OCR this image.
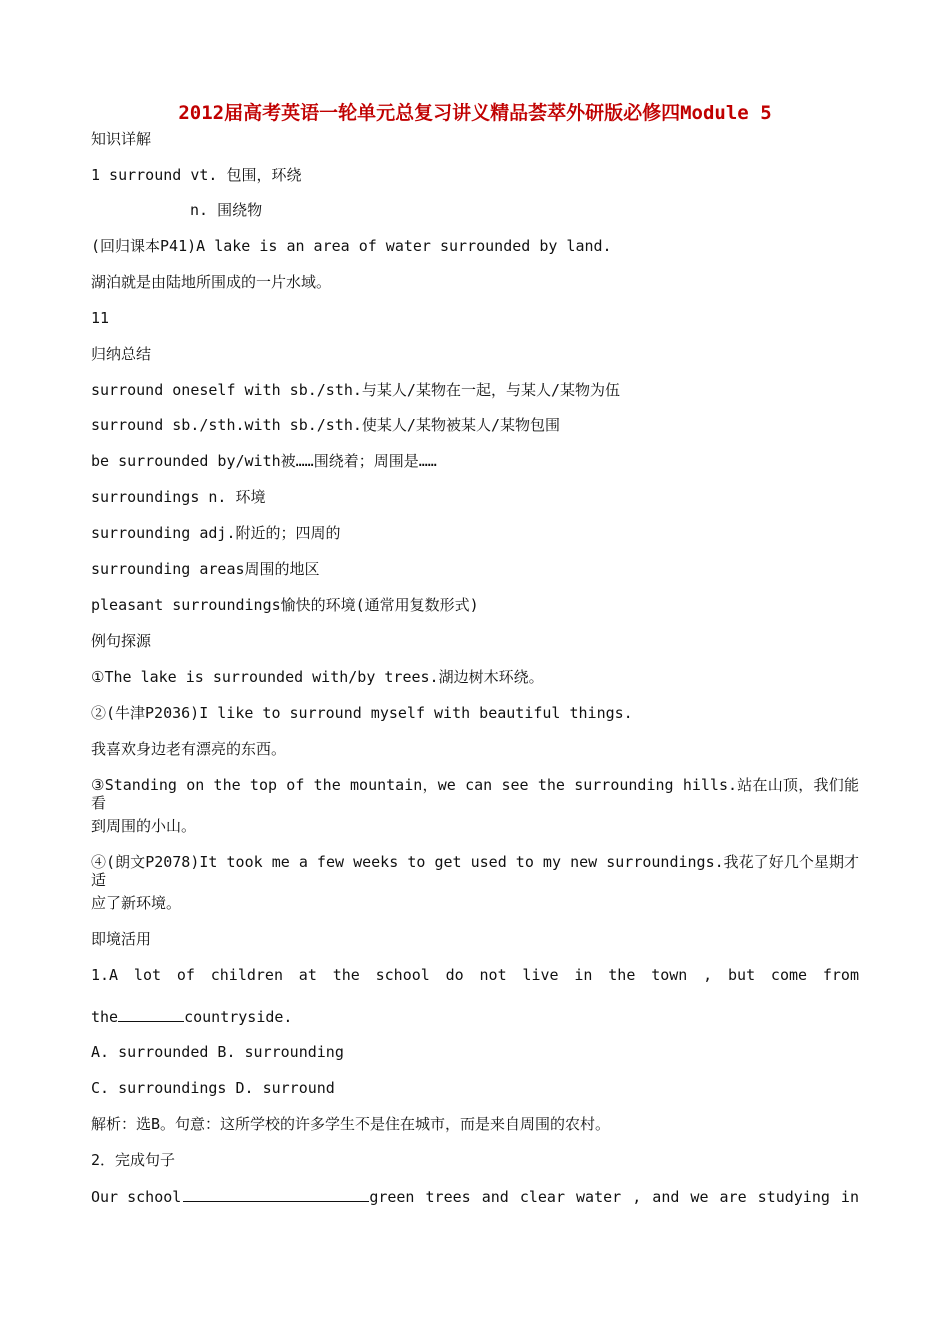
2012届高考英语一轮单元总复习讲义精品荟萃外研版必修四Module 5
知识详解
1 surround vt. 包围，环绕
n. 围绕物
(回归课本P41)A lake is an area of water surrounded by land.
湖泊就是由陆地所围成的一片水域。
11
归纳总结
surround oneself with sb./sth.与某人/某物在一起，与某人/某物为伍
surround sb./sth.with sb./sth.使某人/某物被某人/某物包围
be surrounded by/with被……围绕着；周围是……
surroundings n. 环境
surrounding adj.附近的；四周的
surrounding areas周围的地区
pleasant surroundings愉快的环境(通常用复数形式)
例句探源
①The lake is surrounded with/by trees.湖边树木环绕。
②(牛津P2036)I like to surround myself with beautiful things.
我喜欢身边老有漂亮的东西。
③Standing on the top of the mountain，we can see the surrounding hills.站在山顶，我们能看
到周围的小山。
④(朗文P2078)It took me a few weeks to get used to my new surroundings.我花了好几个星期才适
应了新环境。
即境活用
1.A lot of children at the school do not live in the town , but come from
the	countryside.
A. surrounded B. surrounding
C. surroundings D. surround
解析：选B。句意：这所学校的许多学生不是住在城市，而是来自周围的农村。
2．完成句子
Our school	green trees and clear water , and we are studying in
